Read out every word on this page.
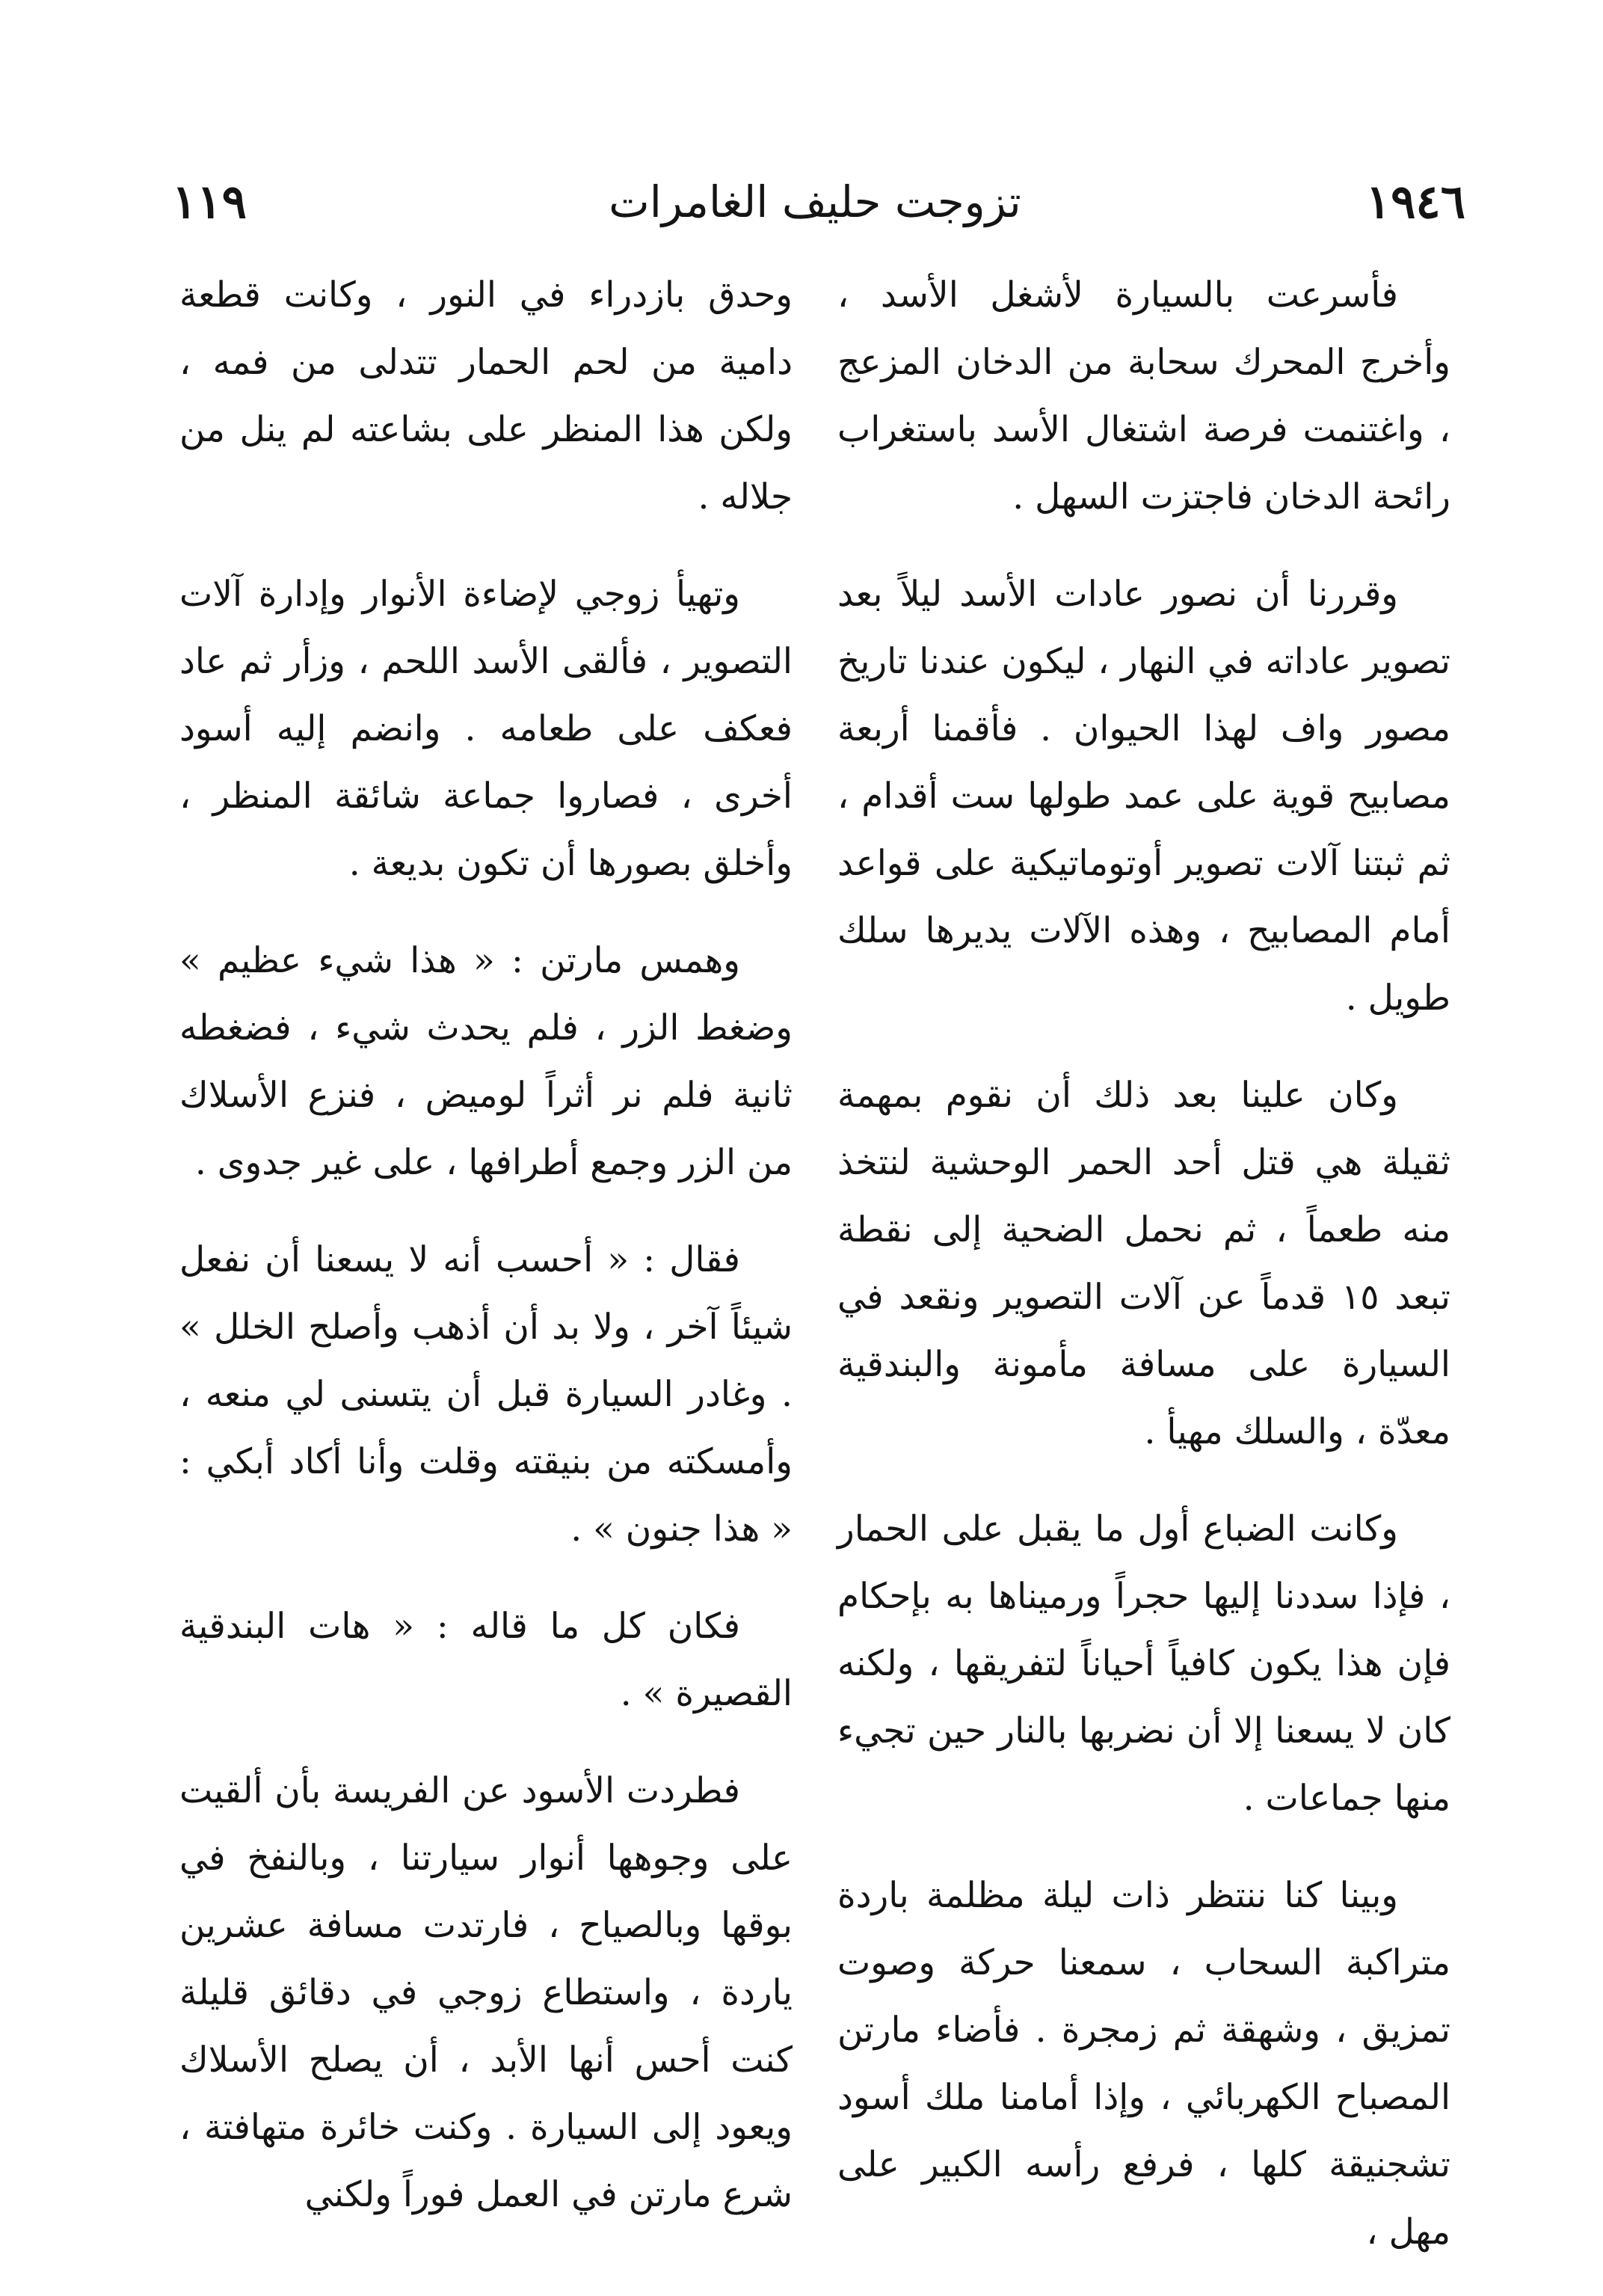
١١٩	تزوجت حليف الغامرات	١٩٤٦

فأسرعت بالسيارة لأشغل الأسد ، وأخرج المحرك سحابة من الدخان المزعج ، واغتنمت فرصة اشتغال الأسد باستغراب رائحة الدخان فاجتزت السهل .

وقررنا أن نصور عادات الأسد ليلاً بعد تصوير عاداته في النهار ، ليكون عندنا تاريخ مصور واف لهذا الحيوان . فأقمنا أربعة مصابيح قوية على عمد طولها ست أقدام ، ثم ثبتنا آلات تصوير أوتوماتيكية على قواعد أمام المصابيح ، وهذه الآلات يديرها سلك طويل .

وكان علينا بعد ذلك أن نقوم بمهمة ثقيلة هي قتل أحد الحمر الوحشية لنتخذ منه طعماً ، ثم نحمل الضحية إلى نقطة تبعد ١٥ قدماً عن آلات التصوير ونقعد في السيارة على مسافة مأمونة والبندقية معدّة ، والسلك مهيأ .

وكانت الضباع أول ما يقبل على الحمار ، فإذا سددنا إليها حجراً ورميناها به بإحكام فإن هذا يكون كافياً أحياناً لتفريقها ، ولكنه كان لا يسعنا إلا أن نضربها بالنار حين تجيء منها جماعات .

وبينا كنا ننتظر ذات ليلة مظلمة باردة متراكبة السحاب ، سمعنا حركة وصوت تمزيق ، وشهقة ثم زمجرة . فأضاء مارتن المصباح الكهربائي ، وإذا أمامنا ملك أسود تشجنيقة كلها ، فرفع رأسه الكبير على مهل ،

وحدق بازدراء في النور ، وكانت قطعة دامية من لحم الحمار تتدلى من فمه ، ولكن هذا المنظر على بشاعته لم ينل من جلاله .

وتهيأ زوجي لإضاءة الأنوار وإدارة آلات التصوير ، فألقى الأسد اللحم ، وزأر ثم عاد فعكف على طعامه . وانضم إليه أسود أخرى ، فصاروا جماعة شائقة المنظر ، وأخلق بصورها أن تكون بديعة .

وهمس مارتن : « هذا شيء عظيم » وضغط الزر ، فلم يحدث شيء ، فضغطه ثانية فلم نر أثراً لوميض ، فنزع الأسلاك من الزر وجمع أطرافها ، على غير جدوى .

فقال : « أحسب أنه لا يسعنا أن نفعل شيئاً آخر ، ولا بد أن أذهب وأصلح الخلل » . وغادر السيارة قبل أن يتسنى لي منعه ، وأمسكته من بنيقته وقلت وأنا أكاد أبكي : « هذا جنون » .

فكان كل ما قاله : « هات البندقية القصيرة » .

فطردت الأسود عن الفريسة بأن ألقيت على وجوهها أنوار سيارتنا ، وبالنفخ في بوقها وبالصياح ، فارتدت مسافة عشرين ياردة ، واستطاع زوجي في دقائق قليلة كنت أحس أنها الأبد ، أن يصلح الأسلاك ويعود إلى السيارة . وكنت خائرة متهافتة ، شرع مارتن في العمل فوراً ولكني
